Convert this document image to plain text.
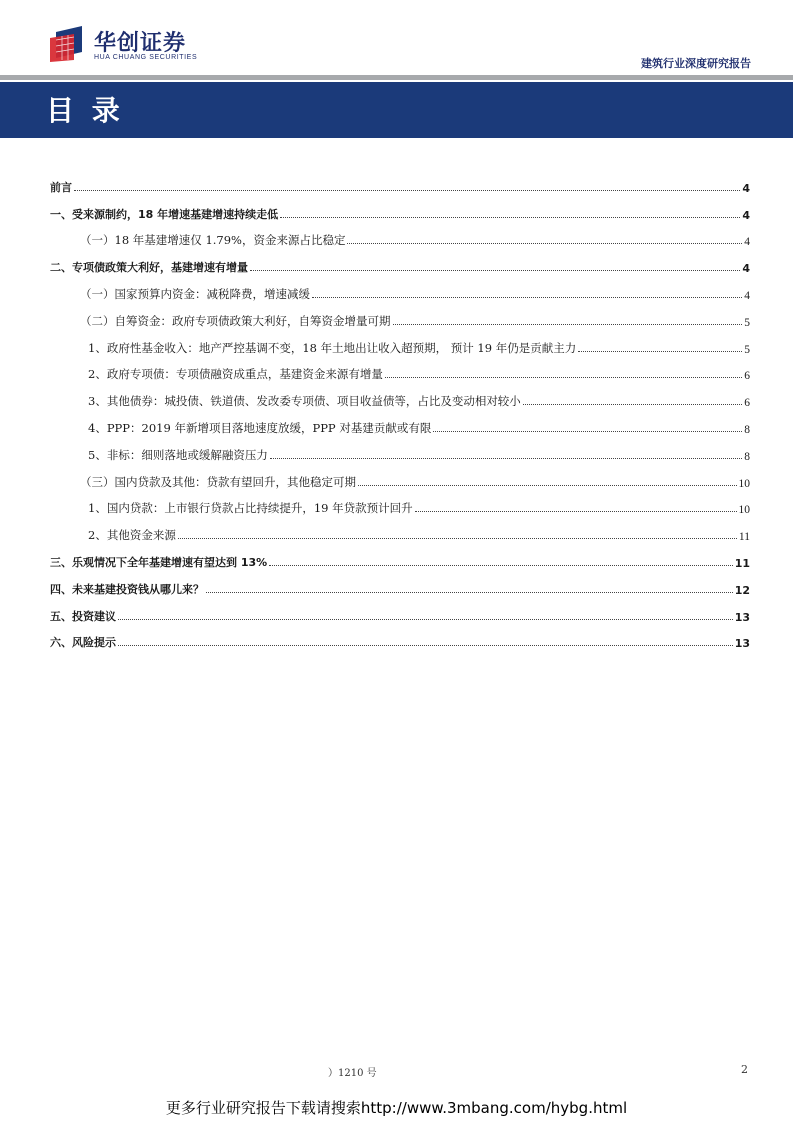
华创证券
HUA CHUANG SECURITIES	建筑行业深度研究报告
目 录
前言	4
一、受来源制约，18 年增速基建增速持续走低	4
（一）18 年基建增速仅 1.79%，资金来源占比稳定	4
二、专项债政策大利好，基建增速有增量	4
（一）国家预算内资金：减税降费，增速减缓	4
（二）自筹资金：政府专项债政策大利好，自筹资金增量可期	5
1、政府性基金收入：地产严控基调不变，18 年土地出让收入超预期， 预计 19 年仍是贡献主力	5
2、政府专项债：专项债融资成重点，基建资金来源有增量	6
3、其他债券：城投债、铁道债、发改委专项债、项目收益债等，占比及变动相对较小	6
4、PPP：2019 年新增项目落地速度放缓，PPP 对基建贡献或有限	8
5、非标：细则落地或缓解融资压力	8
（三）国内贷款及其他：贷款有望回升，其他稳定可期	10
1、国内贷款：上市银行贷款占比持续提升，19 年贷款预计回升	10
2、其他资金来源	11
三、乐观情况下全年基建增速有望达到 13%	11
四、未来基建投资钱从哪儿来？	12
五、投资建议	13
六、风险提示	13
）1210 号	2
更多行业研究报告下载请搜索http://www.3mbang.com/hybg.html
